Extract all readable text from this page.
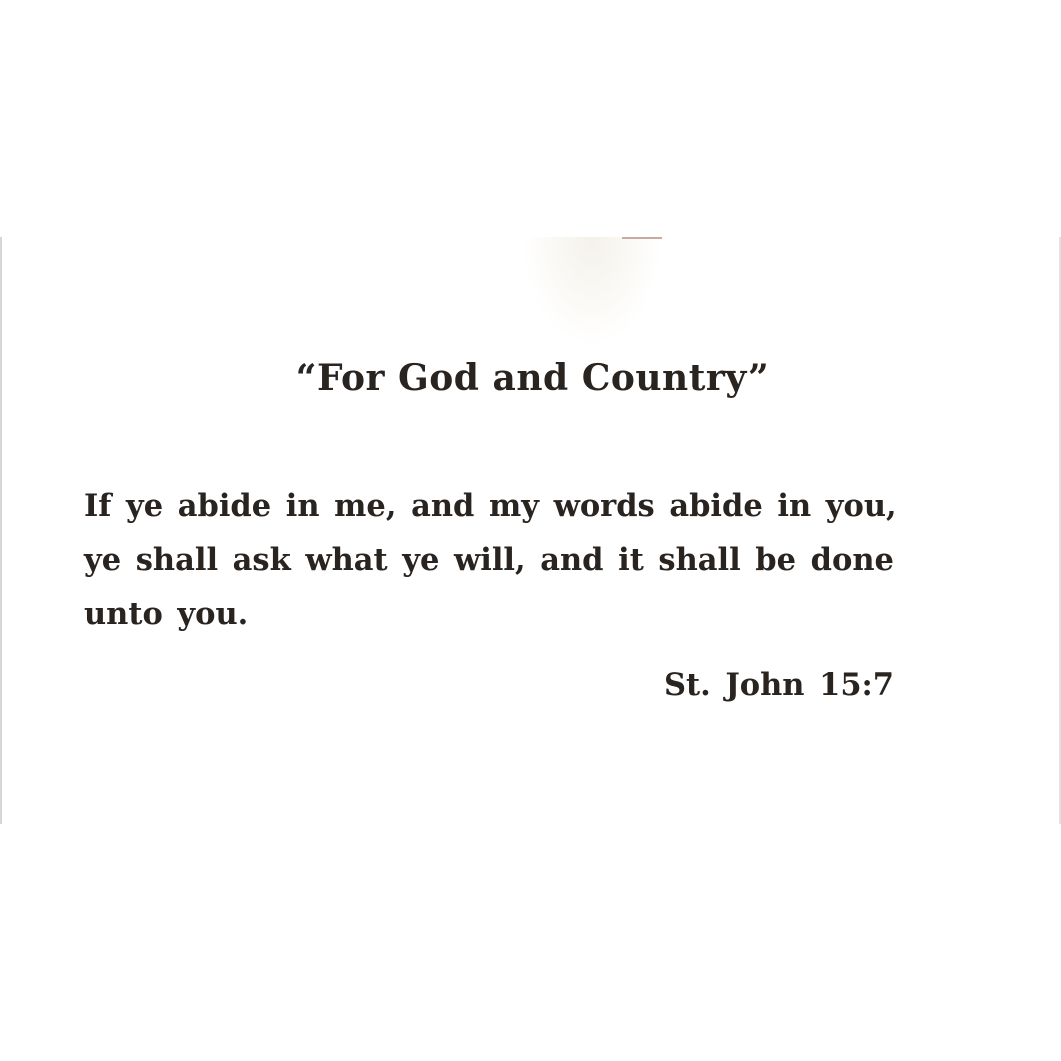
“For God and Country”
If ye abide in me, and my words abide in you,
ye shall ask what ye will, and it shall be done
unto you.
St. John 15:7
